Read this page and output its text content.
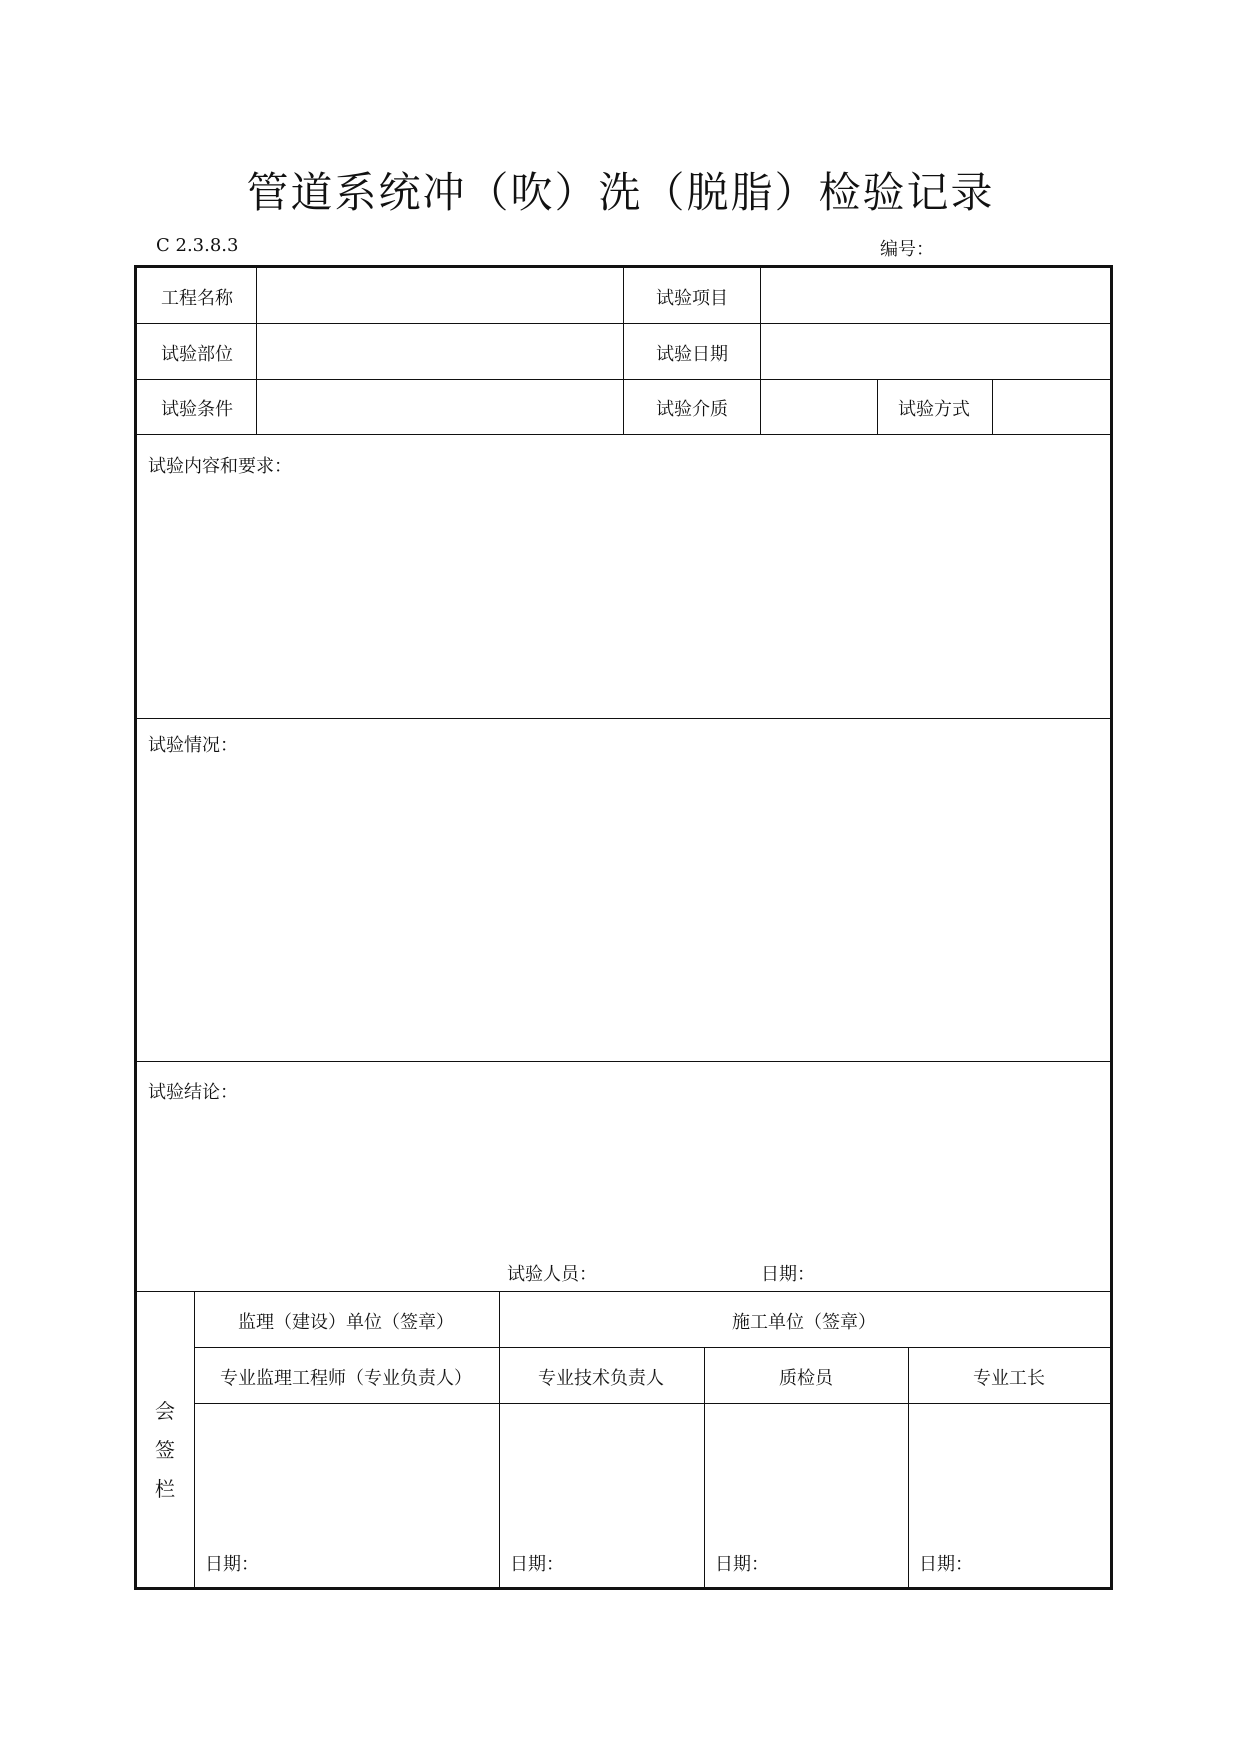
管道系统冲（吹）洗（脱脂）检验记录
C 2.3.8.3	编号：
工程名称	试验项目
试验部位	试验日期
试验条件	试验介质	试验方式
试验内容和要求：
试验情况：
试验结论：
试验人员：	日期：
会
签
栏
监理（建设）单位（签章）	施工单位（签章）
专业监理工程师（专业负责人）	专业技术负责人	质检员	专业工长
日期：	日期：	日期：	日期：
